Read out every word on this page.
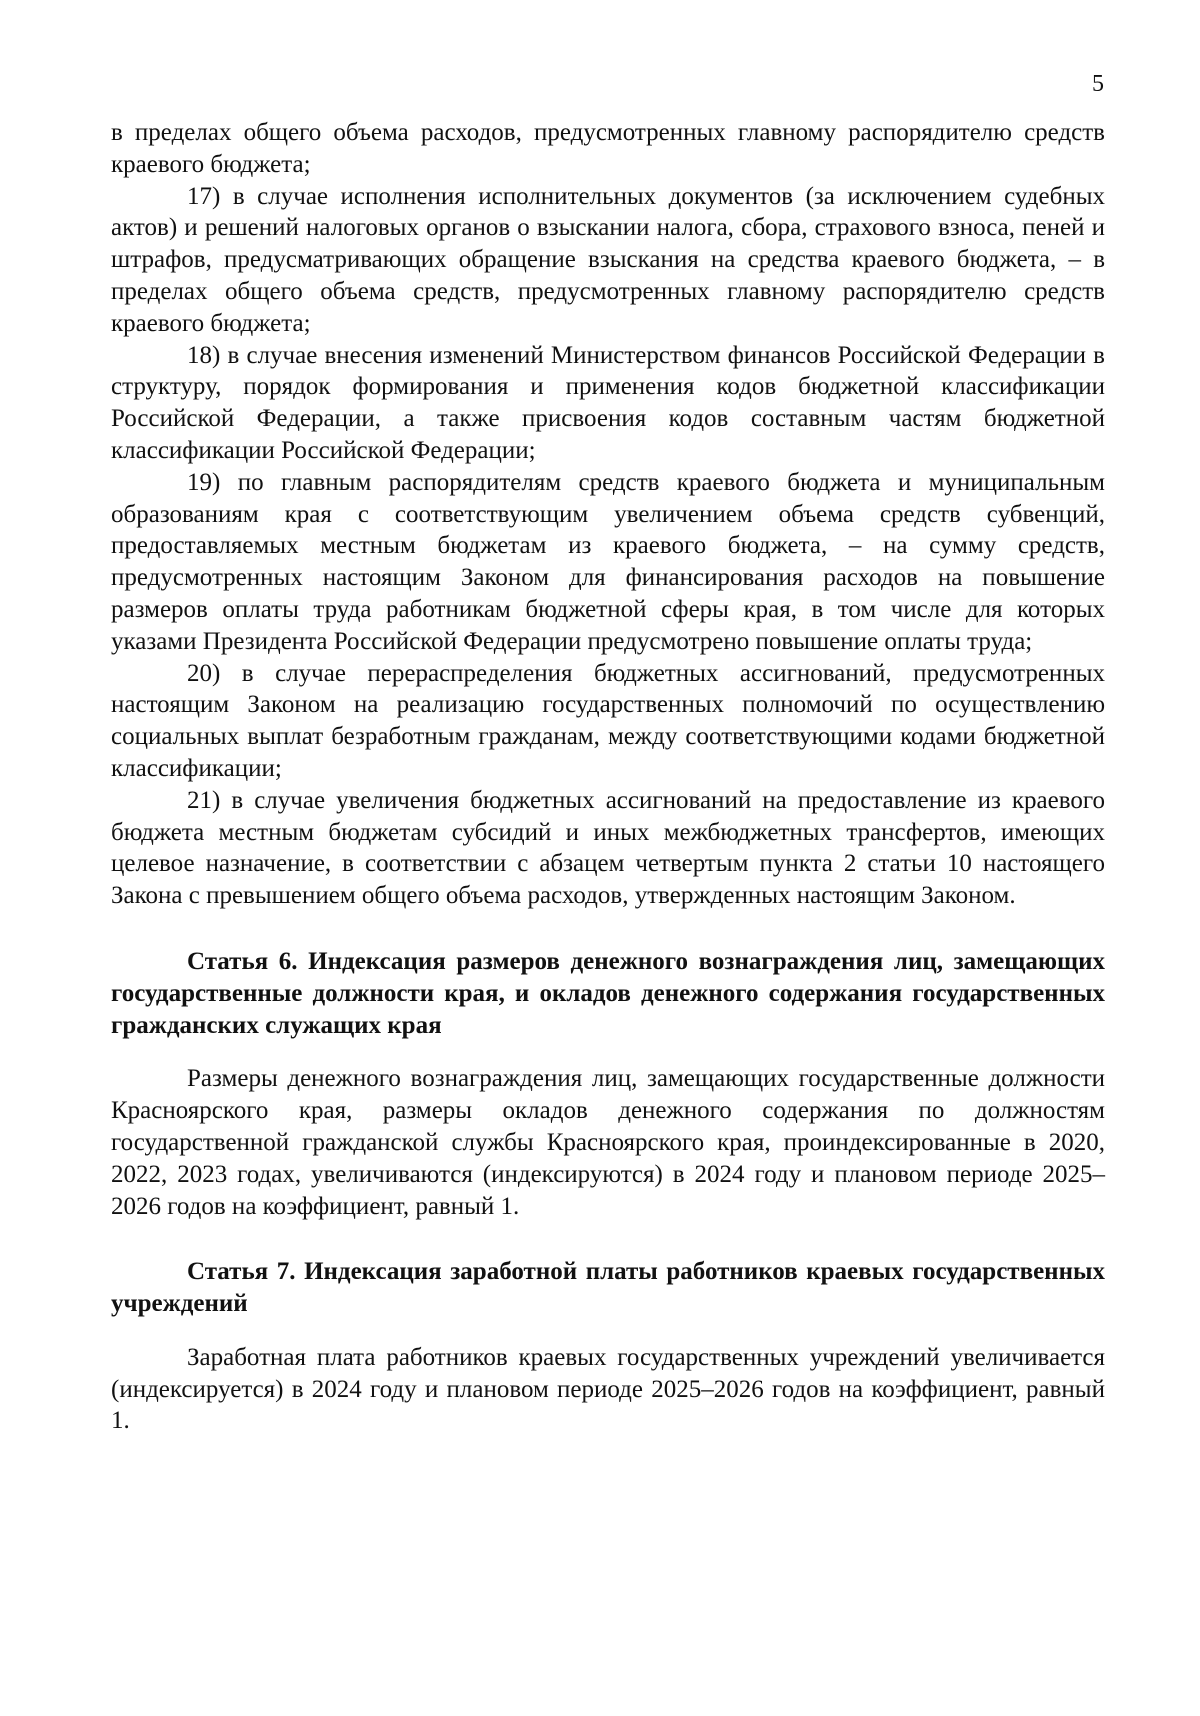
5

в пределах общего объема расходов, предусмотренных главному распорядителю средств краевого бюджета;

17) в случае исполнения исполнительных документов (за исключением судебных актов) и решений налоговых органов о взыскании налога, сбора, страхового взноса, пеней и штрафов, предусматривающих обращение взыскания на средства краевого бюджета, – в пределах общего объема средств, предусмотренных главному распорядителю средств краевого бюджета;

18) в случае внесения изменений Министерством финансов Российской Федерации в структуру, порядок формирования и применения кодов бюджетной классификации Российской Федерации, а также присвоения кодов составным частям бюджетной классификации Российской Федерации;

19) по главным распорядителям средств краевого бюджета и муниципальным образованиям края с соответствующим увеличением объема средств субвенций, предоставляемых местным бюджетам из краевого бюджета, – на сумму средств, предусмотренных настоящим Законом для финансирования расходов на повышение размеров оплаты труда работникам бюджетной сферы края, в том числе для которых указами Президента Российской Федерации предусмотрено повышение оплаты труда;

20) в случае перераспределения бюджетных ассигнований, предусмотренных настоящим Законом на реализацию государственных полномочий по осуществлению социальных выплат безработным гражданам, между соответствующими кодами бюджетной классификации;

21) в случае увеличения бюджетных ассигнований на предоставление из краевого бюджета местным бюджетам субсидий и иных межбюджетных трансфертов, имеющих целевое назначение, в соответствии с абзацем четвертым пункта 2 статьи 10 настоящего Закона с превышением общего объема расходов, утвержденных настоящим Законом.

Статья 6. Индексация размеров денежного вознаграждения лиц, замещающих государственные должности края, и окладов денежного содержания государственных гражданских служащих края

Размеры денежного вознаграждения лиц, замещающих государственные должности Красноярского края, размеры окладов денежного содержания по должностям государственной гражданской службы Красноярского края, проиндексированные в 2020, 2022, 2023 годах, увеличиваются (индексируются) в 2024 году и плановом периоде 2025–2026 годов на коэффициент, равный 1.

Статья 7. Индексация заработной платы работников краевых государственных учреждений

Заработная плата работников краевых государственных учреждений увеличивается (индексируется) в 2024 году и плановом периоде 2025–2026 годов на коэффициент, равный 1.
